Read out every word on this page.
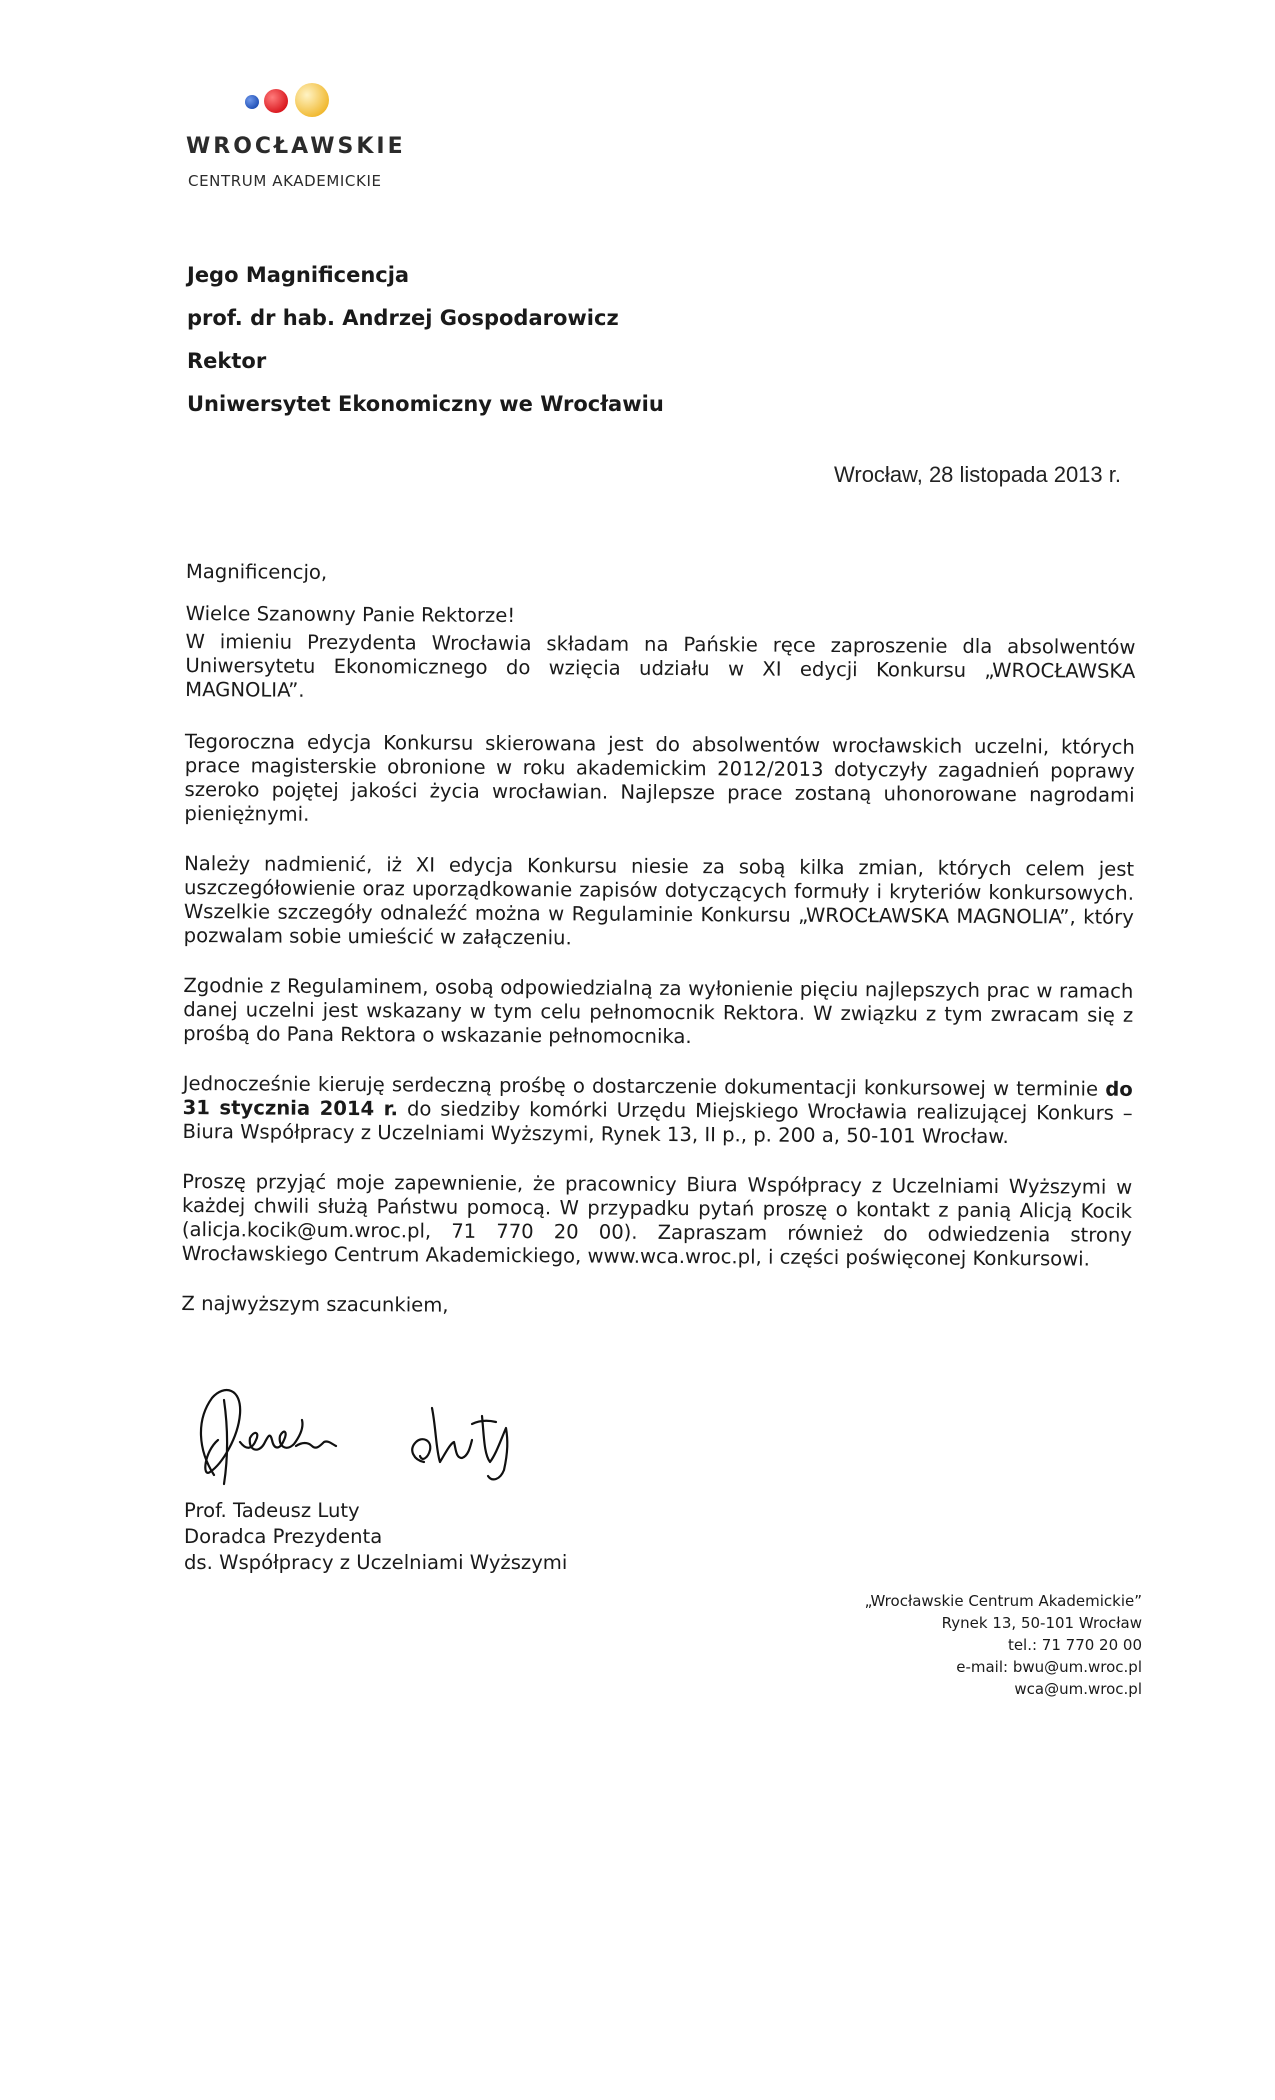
WROCŁAWSKIE
CENTRUM AKADEMICKIE
Jego Magnificencja
prof. dr hab. Andrzej Gospodarowicz
Rektor
Uniwersytet Ekonomiczny we Wrocławiu
Wrocław, 28 listopada 2013 r.
Magnificencjo,
Wielce Szanowny Panie Rektorze!

W imieniu Prezydenta Wrocławia składam na Pańskie ręce zaproszenie dla absolwentów Uniwersytetu Ekonomicznego do wzięcia udziału w XI edycji Konkursu „WROCŁAWSKA MAGNOLIA”.

Tegoroczna edycja Konkursu skierowana jest do absolwentów wrocławskich uczelni, których prace magisterskie obronione w roku akademickim 2012/2013 dotyczyły zagadnień poprawy szeroko pojętej jakości życia wrocławian. Najlepsze prace zostaną uhonorowane nagrodami pieniężnymi.

Należy nadmienić, iż XI edycja Konkursu niesie za sobą kilka zmian, których celem jest uszczegółowienie oraz uporządkowanie zapisów dotyczących formuły i kryteriów konkursowych. Wszelkie szczegóły odnaleźć można w Regulaminie Konkursu „WROCŁAWSKA MAGNOLIA”, który pozwalam sobie umieścić w załączeniu.

Zgodnie z Regulaminem, osobą odpowiedzialną za wyłonienie pięciu najlepszych prac w ramach danej uczelni jest wskazany w tym celu pełnomocnik Rektora. W związku z tym zwracam się z prośbą do Pana Rektora o wskazanie pełnomocnika.

Jednocześnie kieruję serdeczną prośbę o dostarczenie dokumentacji konkursowej w terminie do 31 stycznia 2014 r. do siedziby komórki Urzędu Miejskiego Wrocławia realizującej Konkurs – Biura Współpracy z Uczelniami Wyższymi, Rynek 13, II p., p. 200 a, 50-101 Wrocław.

Proszę przyjąć moje zapewnienie, że pracownicy Biura Współpracy z Uczelniami Wyższymi w każdej chwili służą Państwu pomocą. W przypadku pytań proszę o kontakt z panią Alicją Kocik (alicja.kocik@um.wroc.pl, 71 770 20 00). Zapraszam również do odwiedzenia strony Wrocławskiego Centrum Akademickiego, www.wca.wroc.pl, i części poświęconej Konkursowi.

Z najwyższym szacunkiem,
Prof. Tadeusz Luty
Doradca Prezydenta
ds. Współpracy z Uczelniami Wyższymi
„Wrocławskie Centrum Akademickie”
Rynek 13, 50-101 Wrocław
tel.: 71 770 20 00
e-mail: bwu@um.wroc.pl
wca@um.wroc.pl
